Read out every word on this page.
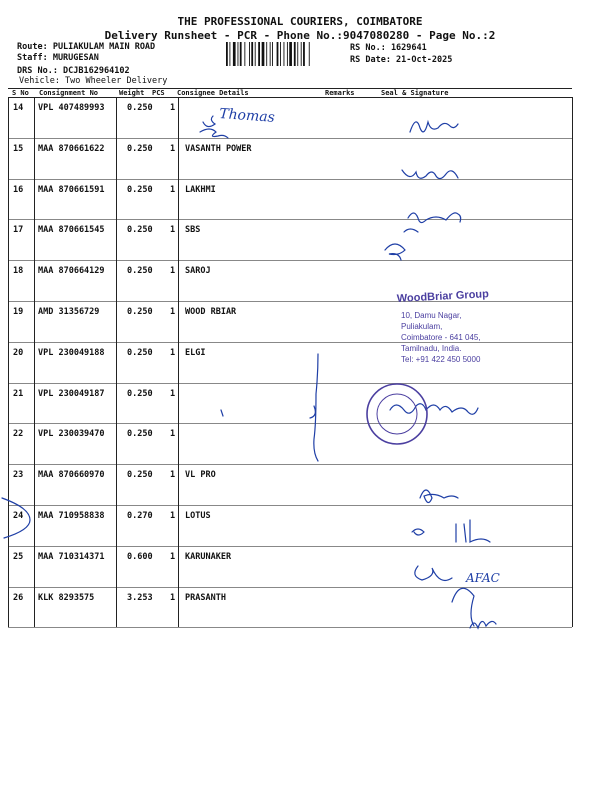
THE PROFESSIONAL COURIERS, COIMBATORE
Delivery Runsheet - PCR - Phone No.:9047080280 - Page No.:2
Route: PULIAKULAM MAIN ROAD
Staff: MURUGESAN
DRS No.: DCJB162964102
Vehicle: Two Wheeler Delivery
RS No.: 1629641
RS Date: 21-Oct-2025
S No Consignment No	Weight PCS Consignee Details	Remarks	Seal & Signature
14 VPL 407489993	0.250 1
15 MAA 870661622	0.250 1 VASANTH POWER
16 MAA 870661591	0.250 1 LAKHMI
17 MAA 870661545	0.250 1 SBS
18 MAA 870664129	0.250 1 SAROJ
19 AMD 31356729	0.250 1 WOOD RBIAR
20 VPL 230049188	0.250 1 ELGI
21 VPL 230049187	0.250 1
22 VPL 230039470	0.250 1
23 MAA 870660970	0.250 1 VL PRO
24 MAA 710958838	0.270 1 LOTUS
25 MAA 710314371	0.600 1 KARUNAKER
26 KLK 8293575	3.253 1 PRASANTH
Thomas
AFAC
WoodBriar Group
10, Damu Nagar,
Puliakulam,
Coimbatore - 641 045,
Tamilnadu, India.
Tel: +91 422 450 5000
